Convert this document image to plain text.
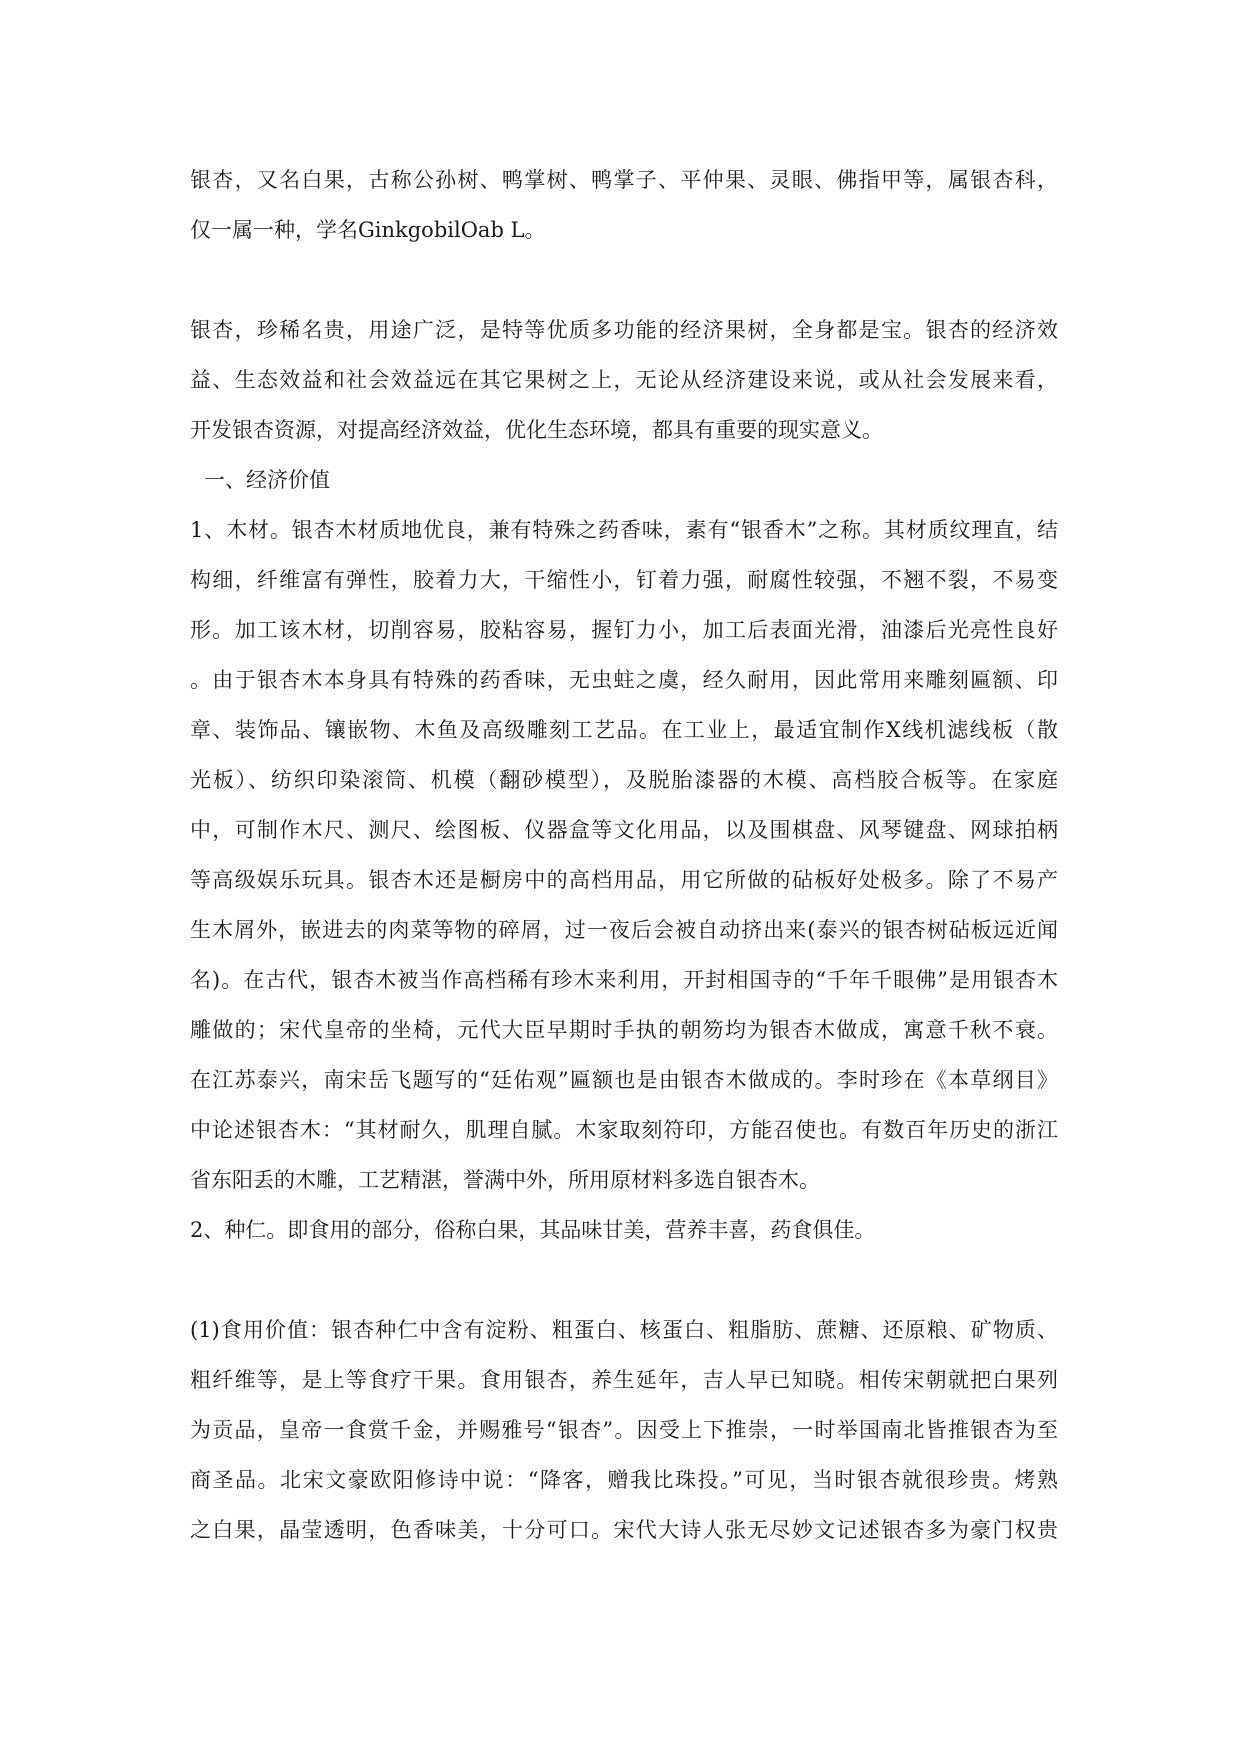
银杏，又名白果，古称公孙树、鸭掌树、鸭掌子、平仲果、灵眼、佛指甲等，属银杏科，
仅一属一种，学名GinkgobilOab L。
银杏，珍稀名贵，用途广泛，是特等优质多功能的经济果树，全身都是宝。银杏的经济效
益、生态效益和社会效益远在其它果树之上，无论从经济建设来说，或从社会发展来看，
开发银杏资源，对提高经济效益，优化生态环境，都具有重要的现实意义。
一、经济价值
1、木材。银杏木材质地优良，兼有特殊之药香味，素有“银香木”之称。其材质纹理直，结
构细，纤维富有弹性，胶着力大，干缩性小，钉着力强，耐腐性较强，不翘不裂，不易变
形。加工该木材，切削容易，胶粘容易，握钉力小，加工后表面光滑，油漆后光亮性良好
。由于银杏木本身具有特殊的药香味，无虫蛀之虞，经久耐用，因此常用来雕刻匾额、印
章、装饰品、镶嵌物、木鱼及高级雕刻工艺品。在工业上，最适宜制作X线机滤线板（散
光板）、纺织印染滚筒、机模（翻砂模型），及脱胎漆器的木模、高档胶合板等。在家庭
中，可制作木尺、测尺、绘图板、仪器盒等文化用品，以及围棋盘、风琴键盘、网球拍柄
等高级娱乐玩具。银杏木还是橱房中的高档用品，用它所做的砧板好处极多。除了不易产
生木屑外，嵌进去的肉菜等物的碎屑，过一夜后会被自动挤出来(泰兴的银杏树砧板远近闻
名)。在古代，银杏木被当作高档稀有珍木来利用，开封相国寺的“千年千眼佛”是用银杏木
雕做的；宋代皇帝的坐椅，元代大臣早期时手执的朝笏均为银杏木做成，寓意千秋不衰。
在江苏泰兴，南宋岳飞题写的“廷佑观”匾额也是由银杏木做成的。李时珍在《本草纲目》
中论述银杏木：“其材耐久，肌理自腻。木家取刻符印，方能召使也。有数百年历史的浙江
省东阳丢的木雕，工艺精湛，誉满中外，所用原材料多选自银杏木。
2、种仁。即食用的部分，俗称白果，其品味甘美，营养丰喜，药食俱佳。
(1)食用价值：银杏种仁中含有淀粉、粗蛋白、核蛋白、粗脂肪、蔗糖、还原粮、矿物质、
粗纤维等，是上等食疗干果。食用银杏，养生延年，吉人早已知晓。相传宋朝就把白果列
为贡品，皇帝一食赏千金，并赐雅号“银杏”。因受上下推崇，一时举国南北皆推银杏为至
商圣品。北宋文豪欧阳修诗中说：“降客，赠我比珠投。”可见，当时银杏就很珍贵。烤熟
之白果，晶莹透明，色香味美，十分可口。宋代大诗人张无尽妙文记述银杏多为豪门权贵
